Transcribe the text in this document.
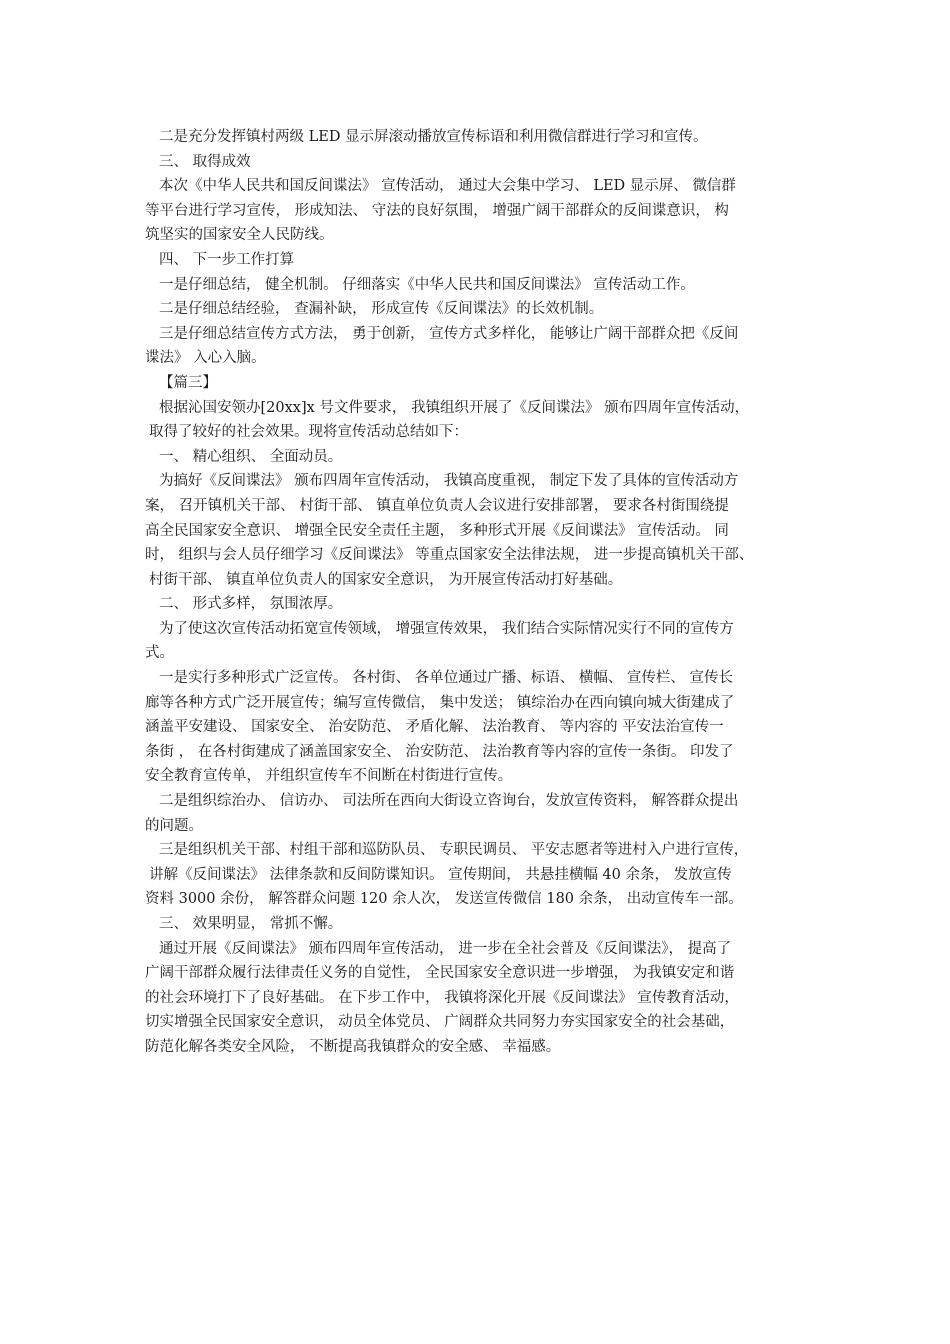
二是充分发挥镇村两级 LED 显示屏滚动播放宣传标语和利用微信群进行学习和宣传。
三、 取得成效
本次《中华人民共和国反间谍法》 宣传活动， 通过大会集中学习、 LED 显示屏、 微信群
等平台进行学习宣传， 形成知法、 守法的良好氛围， 增强广阔干部群众的反间谍意识， 构
筑坚实的国家安全人民防线。
四、 下一步工作打算
一是仔细总结， 健全机制。 仔细落实《中华人民共和国反间谍法》 宣传活动工作。
二是仔细总结经验， 查漏补缺， 形成宣传《反间谍法》的长效机制。
三是仔细总结宣传方式方法， 勇于创新， 宣传方式多样化， 能够让广阔干部群众把《反间
谍法》 入心入脑。
【篇三】
根据沁国安领办[20xx]x 号文件要求， 我镇组织开展了《反间谍法》 颁布四周年宣传活动，
取得了较好的社会效果。现将宣传活动总结如下：
一、 精心组织、 全面动员。
为搞好《反间谍法》 颁布四周年宣传活动， 我镇高度重视， 制定下发了具体的宣传活动方
案， 召开镇机关干部、 村街干部、 镇直单位负责人会议进行安排部署， 要求各村街围绕提
高全民国家安全意识、 增强全民安全责任主题， 多种形式开展《反间谍法》 宣传活动。 同
时， 组织与会人员仔细学习《反间谍法》 等重点国家安全法律法规， 进一步提高镇机关干部、
村街干部、 镇直单位负责人的国家安全意识， 为开展宣传活动打好基础。
二、 形式多样， 氛围浓厚。
为了使这次宣传活动拓宽宣传领域， 增强宣传效果， 我们结合实际情况实行不同的宣传方
式。
一是实行多种形式广泛宣传。 各村街、 各单位通过广播、标语、 横幅、 宣传栏、 宣传长
廊等各种方式广泛开展宣传；编写宣传微信， 集中发送； 镇综治办在西向镇向城大街建成了
涵盖平安建设、 国家安全、 治安防范、 矛盾化解、 法治教育、 等内容的 平安法治宣传一
条街 ， 在各村街建成了涵盖国家安全、 治安防范、 法治教育等内容的宣传一条街。 印发了
安全教育宣传单， 并组织宣传车不间断在村街进行宣传。
二是组织综治办、 信访办、 司法所在西向大街设立咨询台，发放宣传资料， 解答群众提出
的问题。
三是组织机关干部、村组干部和巡防队员、 专职民调员、 平安志愿者等进村入户进行宣传，
讲解《反间谍法》 法律条款和反间防谍知识。 宣传期间， 共悬挂横幅 40 余条， 发放宣传
资料 3000 余份， 解答群众问题 120 余人次， 发送宣传微信 180 余条， 出动宣传车一部。
三、 效果明显， 常抓不懈。
通过开展《反间谍法》 颁布四周年宣传活动， 进一步在全社会普及《反间谍法》， 提高了
广阔干部群众履行法律责任义务的自觉性， 全民国家安全意识进一步增强， 为我镇安定和谐
的社会环境打下了良好基础。 在下步工作中， 我镇将深化开展《反间谍法》 宣传教育活动，
切实增强全民国家安全意识， 动员全体党员、 广阔群众共同努力夯实国家安全的社会基础，
防范化解各类安全风险， 不断提高我镇群众的安全感、 幸福感。
